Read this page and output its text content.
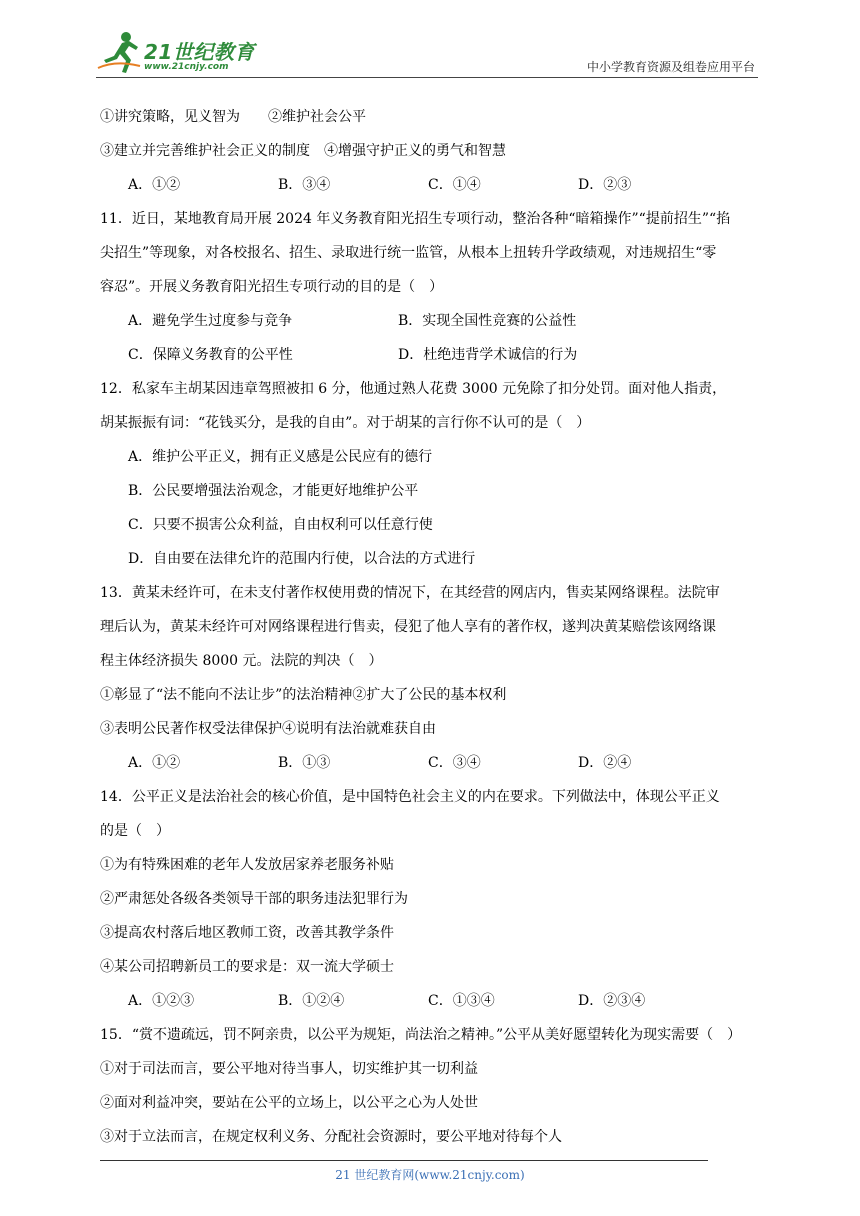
21世纪教育
www.21cnjy.com	中小学教育资源及组卷应用平台
①讲究策略，见义智为　　②维护社会公平
③建立并完善维护社会正义的制度　④增强守护正义的勇气和智慧
A．①②	B．③④	C．①④	D．②③
11．近日，某地教育局开展 2024 年义务教育阳光招生专项行动，整治各种“暗箱操作”“提前招生”“掐
尖招生”等现象，对各校报名、招生、录取进行统一监管，从根本上扭转升学政绩观，对违规招生“零
容忍”。开展义务教育阳光招生专项行动的目的是（　）
A．避免学生过度参与竞争	B．实现全国性竞赛的公益性
C．保障义务教育的公平性	D．杜绝违背学术诚信的行为
12．私家车主胡某因违章驾照被扣 6 分，他通过熟人花费 3000 元免除了扣分处罚。面对他人指责，
胡某振振有词：“花钱买分，是我的自由”。对于胡某的言行你不认可的是（　）
A．维护公平正义，拥有正义感是公民应有的德行
B．公民要增强法治观念，才能更好地维护公平
C．只要不损害公众利益，自由权利可以任意行使
D．自由要在法律允许的范围内行使，以合法的方式进行
13．黄某未经许可，在未支付著作权使用费的情况下，在其经营的网店内，售卖某网络课程。法院审
理后认为，黄某未经许可对网络课程进行售卖，侵犯了他人享有的著作权，遂判决黄某赔偿该网络课
程主体经济损失 8000 元。法院的判决（　）
①彰显了“法不能向不法让步”的法治精神②扩大了公民的基本权利
③表明公民著作权受法律保护④说明有法治就难获自由
A．①②	B．①③	C．③④	D．②④
14．公平正义是法治社会的核心价值，是中国特色社会主义的内在要求。下列做法中，体现公平正义
的是（　）
①为有特殊困难的老年人发放居家养老服务补贴
②严肃惩处各级各类领导干部的职务违法犯罪行为
③提高农村落后地区教师工资，改善其教学条件
④某公司招聘新员工的要求是：双一流大学硕士
A．①②③	B．①②④	C．①③④	D．②③④
15．“赏不遗疏远，罚不阿亲贵，以公平为规矩，尚法治之精神。”公平从美好愿望转化为现实需要（　）
①对于司法而言，要公平地对待当事人，切实维护其一切利益
②面对利益冲突，要站在公平的立场上，以公平之心为人处世
③对于立法而言，在规定权利义务、分配社会资源时，要公平地对待每个人
21 世纪教育网(www.21cnjy.com)
